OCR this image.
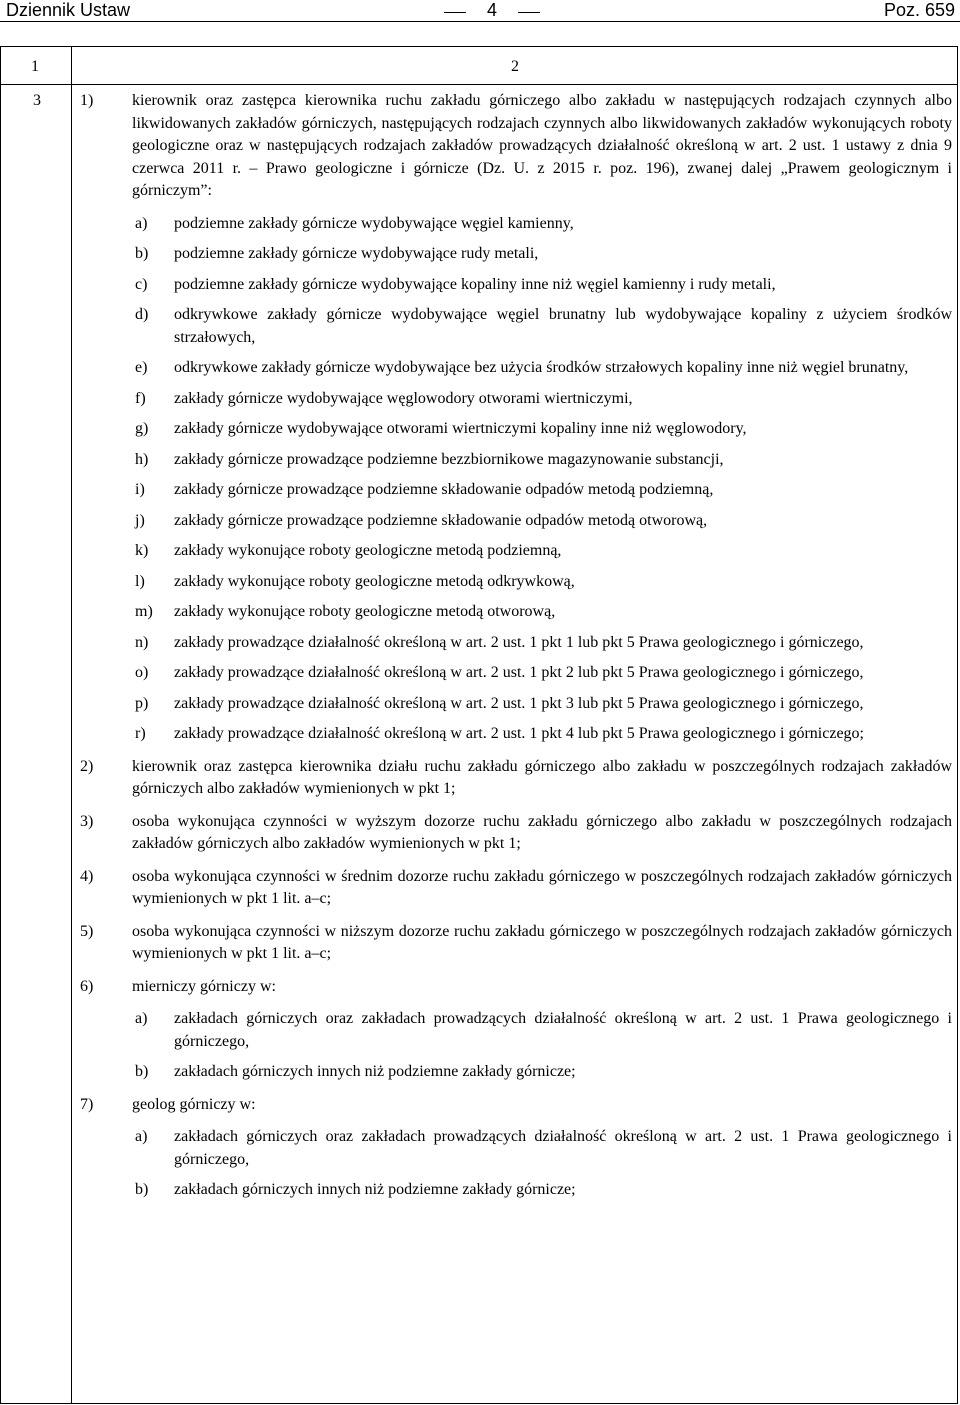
Dziennik Ustaw	4	Poz. 659
1	2
3 1) kierownik oraz zastępca kierownika ruchu zakładu górniczego albo zakładu w następujących rodzajach czynnych albo likwidowanych zakładów górniczych, następujących rodzajach czynnych albo likwidowanych zakładów wykonujących roboty geologiczne oraz w następujących rodzajach zakładów prowadzących działalność określoną w art. 2 ust. 1 ustawy z dnia 9 czerwca 2011 r. – Prawo geologiczne i górnicze (Dz. U. z 2015 r. poz. 196), zwanej dalej „Prawem geologicznym i górniczym”:

a) podziemne zakłady górnicze wydobywające węgiel kamienny,
b) podziemne zakłady górnicze wydobywające rudy metali,
c) podziemne zakłady górnicze wydobywające kopaliny inne niż węgiel kamienny i rudy metali,
d) odkrywkowe zakłady górnicze wydobywające węgiel brunatny lub wydobywające kopaliny z użyciem środków strzałowych,
e) odkrywkowe zakłady górnicze wydobywające bez użycia środków strzałowych kopaliny inne niż węgiel brunatny,
f) zakłady górnicze wydobywające węglowodory otworami wiertniczymi,
g) zakłady górnicze wydobywające otworami wiertniczymi kopaliny inne niż węglowodory,
h) zakłady górnicze prowadzące podziemne bezzbiornikowe magazynowanie substancji,
i) zakłady górnicze prowadzące podziemne składowanie odpadów metodą podziemną,
j) zakłady górnicze prowadzące podziemne składowanie odpadów metodą otworową,
k) zakłady wykonujące roboty geologiczne metodą podziemną,
l) zakłady wykonujące roboty geologiczne metodą odkrywkową,
m) zakłady wykonujące roboty geologiczne metodą otworową,
n) zakłady prowadzące działalność określoną w art. 2 ust. 1 pkt 1 lub pkt 5 Prawa geologicznego i górniczego,
o) zakłady prowadzące działalność określoną w art. 2 ust. 1 pkt 2 lub pkt 5 Prawa geologicznego i górniczego,
p) zakłady prowadzące działalność określoną w art. 2 ust. 1 pkt 3 lub pkt 5 Prawa geologicznego i górniczego,
r) zakłady prowadzące działalność określoną w art. 2 ust. 1 pkt 4 lub pkt 5 Prawa geologicznego i górniczego;
2) kierownik oraz zastępca kierownika działu ruchu zakładu górniczego albo zakładu w poszczególnych rodzajach zakładów górniczych albo zakładów wymienionych w pkt 1;
3) osoba wykonująca czynności w wyższym dozorze ruchu zakładu górniczego albo zakładu w poszczególnych rodzajach zakładów górniczych albo zakładów wymienionych w pkt 1;
4) osoba wykonująca czynności w średnim dozorze ruchu zakładu górniczego w poszczególnych rodzajach zakładów górniczych wymienionych w pkt 1 lit. a–c;
5) osoba wykonująca czynności w niższym dozorze ruchu zakładu górniczego w poszczególnych rodzajach zakładów górniczych wymienionych w pkt 1 lit. a–c;
6) mierniczy górniczy w:
a) zakładach górniczych oraz zakładach prowadzących działalność określoną w art. 2 ust. 1 Prawa geologicznego i górniczego,
b) zakładach górniczych innych niż podziemne zakłady górnicze;
7) geolog górniczy w:
a) zakładach górniczych oraz zakładach prowadzących działalność określoną w art. 2 ust. 1 Prawa geologicznego i górniczego,
b) zakładach górniczych innych niż podziemne zakłady górnicze;
